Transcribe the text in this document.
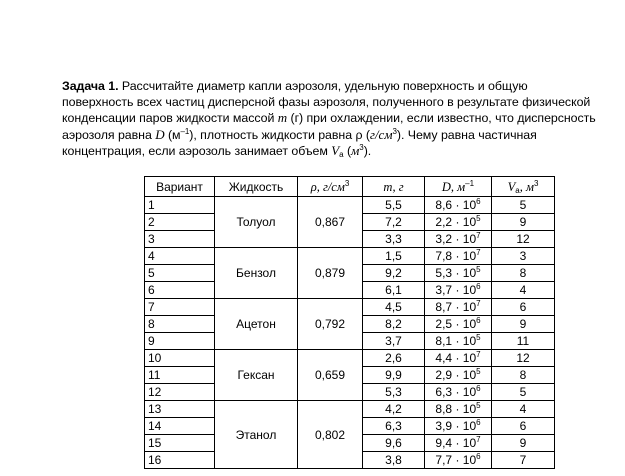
Задача 1. Рассчитайте диаметр капли аэрозоля, удельную поверхность и общую поверхность всех частиц дисперсной фазы аэрозоля, полученного в результате физической конденсации паров жидкости массой m (г) при охлаждении, если известно, что дисперсность аэрозоля равна D $(м^{-1})$, плотность жидкости равна ρ $(г/см^3)$. Чему равна частичная концентрация, если аэрозоль занимает объем $V_а$ $(м^3)$.
Вариант	Жидкость	ρ, $г/см^3$	m, г	D, $м^{-1}$	$V_а$, $м^3$
1	Толуол	0,867	5,5	$8,6 \cdot 10^6$	5
2			7,2	$2,2 \cdot 10^5$	9
3			3,3	$3,2 \cdot 10^7$	12
4	Бензол	0,879	1,5	$7,8 \cdot 10^7$	3
5			9,2	$5,3 \cdot 10^5$	8
6			6,1	$3,7 \cdot 10^6$	4
7	Ацетон	0,792	4,5	$8,7 \cdot 10^7$	6
8			8,2	$2,5 \cdot 10^6$	9
9			3,7	$8,1 \cdot 10^5$	11
10	Гексан	0,659	2,6	$4,4 \cdot 10^7$	12
11			9,9	$2,9 \cdot 10^5$	8
12			5,3	$6,3 \cdot 10^6$	5
13	Этанол	0,802	4,2	$8,8 \cdot 10^5$	4
14			6,3	$3,9 \cdot 10^6$	6
15			9,6	$9,4 \cdot 10^7$	9
16			3,8	$7,7 \cdot 10^6$	7
